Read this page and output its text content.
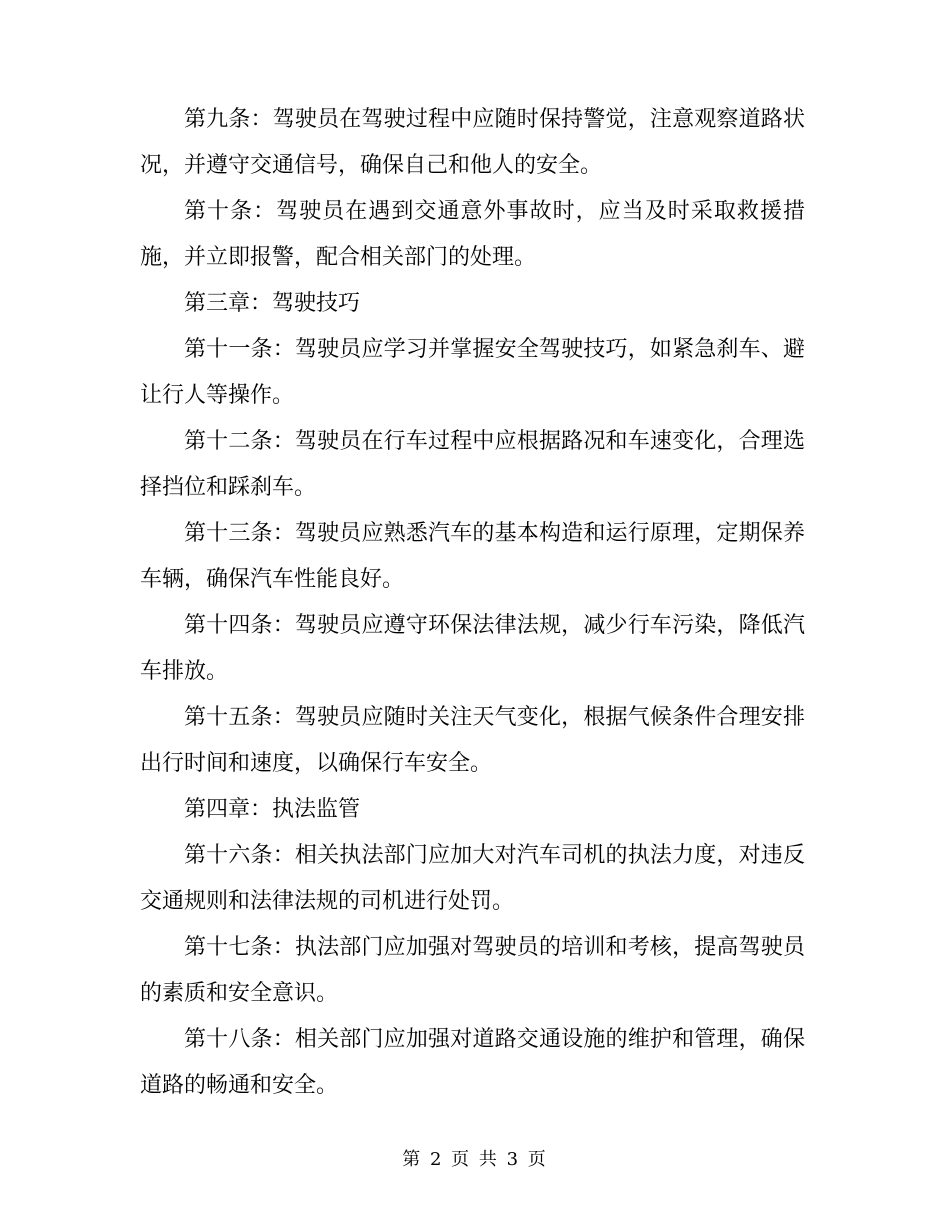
第九条：驾驶员在驾驶过程中应随时保持警觉，注意观察道路状况，并遵守交通信号，确保自己和他人的安全。

第十条：驾驶员在遇到交通意外事故时，应当及时采取救援措施，并立即报警，配合相关部门的处理。

第三章：驾驶技巧

第十一条：驾驶员应学习并掌握安全驾驶技巧，如紧急刹车、避让行人等操作。

第十二条：驾驶员在行车过程中应根据路况和车速变化，合理选择挡位和踩刹车。

第十三条：驾驶员应熟悉汽车的基本构造和运行原理，定期保养车辆，确保汽车性能良好。

第十四条：驾驶员应遵守环保法律法规，减少行车污染，降低汽车排放。

第十五条：驾驶员应随时关注天气变化，根据气候条件合理安排出行时间和速度，以确保行车安全。

第四章：执法监管

第十六条：相关执法部门应加大对汽车司机的执法力度，对违反交通规则和法律法规的司机进行处罚。

第十七条：执法部门应加强对驾驶员的培训和考核，提高驾驶员的素质和安全意识。

第十八条：相关部门应加强对道路交通设施的维护和管理，确保道路的畅通和安全。

第 2 页 共 3 页
